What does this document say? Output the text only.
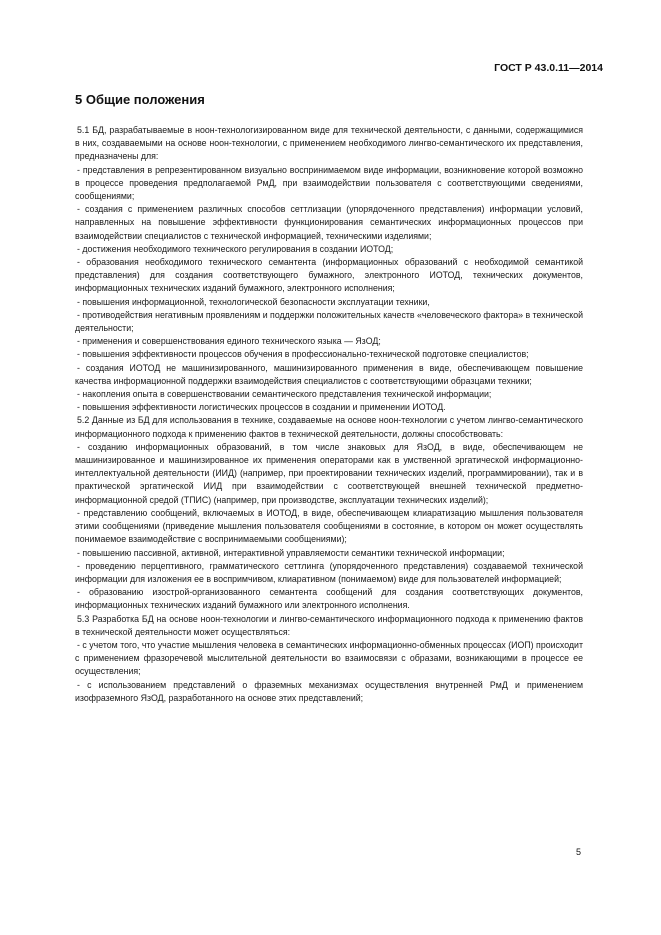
ГОСТ Р 43.0.11—2014
5 Общие положения

5.1 БД, разрабатываемые в ноон-технологизированном виде для технической деятельности, с данными, содержащимися в них, создаваемыми на основе ноон-технологии, с применением необходимого лингво-семантического их представления, предназначены для:

- представления в репрезентированном визуально воспринимаемом виде информации, возникновение которой возможно в процессе проведения предполагаемой РмД, при взаимодействии пользователя с соответствующими сведениями, сообщениями;

- создания с применением различных способов сеттлизации (упорядоченного представления) информации условий, направленных на повышение эффективности функционирования семантических информационных процессов при взаимодействии специалистов с технической информацией, техническими изделиями;

- достижения необходимого технического регулирования в создании ИОТОД;

- образования необходимого технического семантента (информационных образований с необходимой семантикой представления) для создания соответствующего бумажного, электронного ИОТОД, технических документов, информационных технических изданий бумажного, электронного исполнения;

- повышения информационной, технологической безопасности эксплуатации техники,

- противодействия негативным проявлениям и поддержки положительных качеств «человеческого фактора» в технической деятельности;

- применения и совершенствования единого технического языка — ЯзОД;

- повышения эффективности процессов обучения в профессионально-технической подготовке специалистов;

- создания ИОТОД не машинизированного, машинизированного применения в виде, обеспечивающем повышение качества информационной поддержки взаимодействия специалистов с соответствующими образцами техники;

- накопления опыта в совершенствовании семантического представления технической информации;

- повышения эффективности логистических процессов в создании и применении ИОТОД.

5.2 Данные из БД для использования в технике, создаваемые на основе ноон-технологии с учетом лингво-семантического информационного подхода к применению фактов в технической деятельности, должны способствовать:

- созданию информационных образований, в том числе знаковых для ЯзОД, в виде, обеспечивающем не машинизированное и машинизированное их применения операторами как в умственной эргатической информационно-интеллектуальной деятельности (ИИД) (например, при проектировании технических изделий, программировании), так и в практической эргатической ИИД при взаимодействии с соответствующей внешней технической предметно-информационной средой (ТПИС) (например, при производстве, эксплуатации технических изделий);

- представлению сообщений, включаемых в ИОТОД, в виде, обеспечивающем клиаратизацию мышления пользователя этими сообщениями (приведение мышления пользователя сообщениями в состояние, в котором он может осуществлять понимаемое взаимодействие с воспринимаемыми сообщениями);

- повышению пассивной, активной, интерактивной управляемости семантики технической информации;

- проведению перцептивного, грамматического сеттлинга (упорядоченного представления) создаваемой технической информации для изложения ее в воспримчивом, клиаративном (понимаемом) виде для пользователей информацией;

- образованию изострой-организованного семантента сообщений для создания соответствующих документов, информационных технических изданий бумажного или электронного исполнения.

5.3 Разработка БД на основе ноон-технологии и лингво-семантического информационного подхода к применению фактов в технической деятельности может осуществляться:

- с учетом того, что участие мышления человека в семантических информационно-обменных процессах (ИОП) происходит с применением фразоречевой мыслительной деятельности во взаимосвязи с образами, возникающими в процессе ее осуществления;

- с использованием представлений о фраземных механизмах осуществления внутренней РмД и применением изофраземного ЯзОД, разработанного на основе этих представлений;

5
